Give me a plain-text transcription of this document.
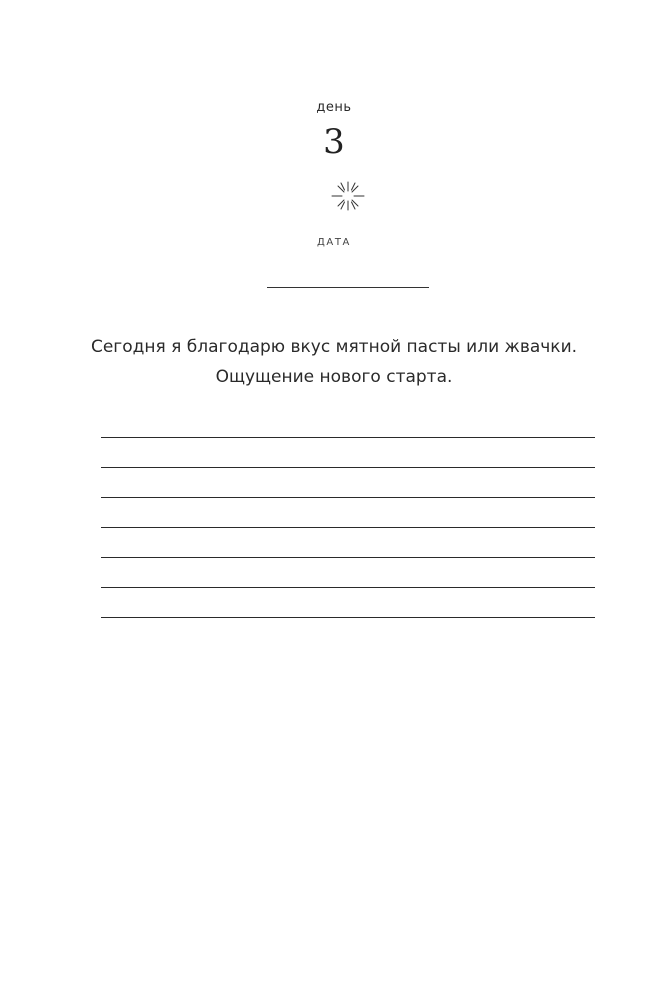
день
3
ДАТА
Сегодня я благодарю вкус мятной пасты или жвачки.
Ощущение нового старта.
